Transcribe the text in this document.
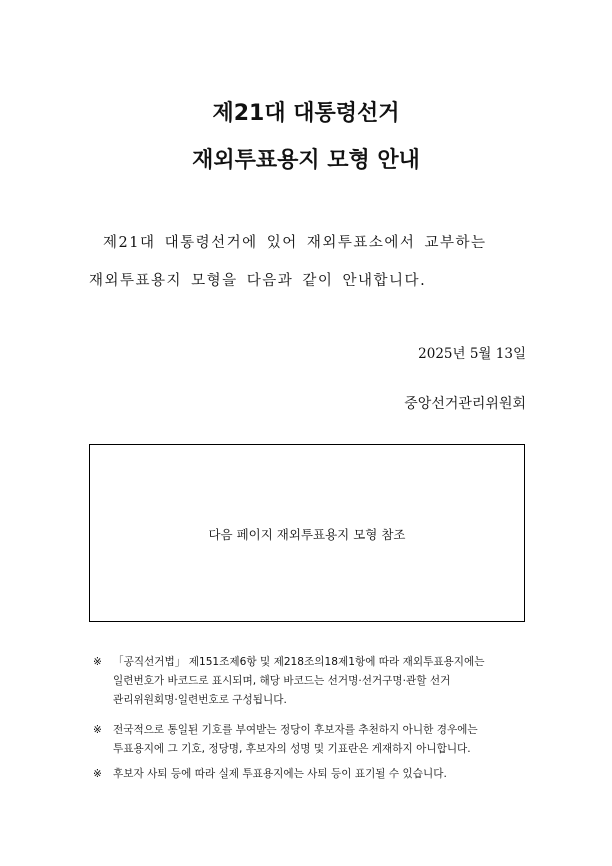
제21대 대통령선거
재외투표용지 모형 안내
제21대 대통령선거에 있어 재외투표소에서 교부하는
재외투표용지 모형을 다음과 같이 안내합니다.
2025년 5월 13일
중앙선거관리위원회
다음 페이지 재외투표용지 모형 참조
※ 「공직선거법」 제151조제6항 및 제218조의18제1항에 따라 재외투표용지에는
일련번호가 바코드로 표시되며, 해당 바코드는 선거명·선거구명·관할 선거
관리위원회명·일련번호로 구성됩니다.
※ 전국적으로 통일된 기호를 부여받는 정당이 후보자를 추천하지 아니한 경우에는
투표용지에 그 기호, 정당명, 후보자의 성명 및 기표란은 게재하지 아니합니다.
※ 후보자 사퇴 등에 따라 실제 투표용지에는 사퇴 등이 표기될 수 있습니다.
